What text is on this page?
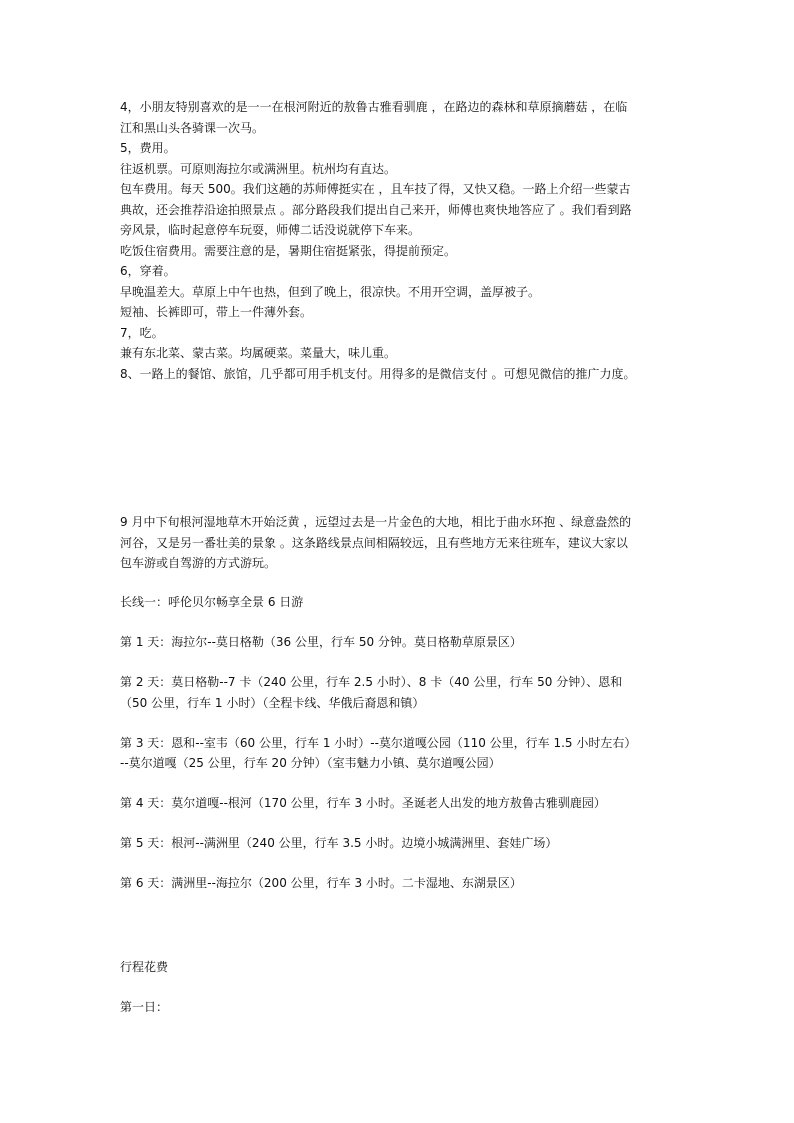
4，小朋友特别喜欢的是一一在根河附近的敖鲁古雅看驯鹿 ，在路边的森林和草原摘蘑菇 ，在临

江和黑山头各骑课一次马。

5，费用。

往返机票。可原则海拉尔或满洲里。杭州均有直达。

包车费用。每天 500。我们这趟的苏师傅挺实在 ，且车技了得，又快又稳。一路上介绍一些蒙古

典故，还会推荐沿途拍照景点 。部分路段我们提出自己来开，师傅也爽快地答应了 。我们看到路

旁风景，临时起意停车玩耍，师傅二话没说就停下车来。

吃饭住宿费用。需要注意的是，暑期住宿挺紧张，得提前预定。

6，穿着。

早晚温差大。草原上中午也热，但到了晚上，很凉快。不用开空调，盖厚被子。

短袖、长裤即可，带上一件薄外套。

7，吃。

兼有东北菜、蒙古菜。均属硬菜。菜量大，味儿重。

8、一路上的餐馆、旅馆，几乎都可用手机支付。用得多的是微信支付 。可想见微信的推广力度。

9 月中下旬根河湿地草木开始泛黄 ，远望过去是一片金色的大地，相比于曲水环抱 、绿意盎然的

河谷，又是另一番壮美的景象 。这条路线景点间相隔较远，且有些地方无来往班车，建议大家以

包车游或自驾游的方式游玩。

长线一：呼伦贝尔畅享全景 6 日游

第 1 天：海拉尔--莫日格勒（36 公里，行车 50 分钟。莫日格勒草原景区）

第 2 天：莫日格勒--7 卡（240 公里，行车 2.5 小时）、8 卡（40 公里，行车 50 分钟）、恩和

（50 公里，行车 1 小时）（全程卡线、华俄后裔恩和镇）

第 3 天：恩和--室韦（60 公里，行车 1 小时）--莫尔道嘎公园（110 公里，行车 1.5 小时左右）

--莫尔道嘎（25 公里，行车 20 分钟）（室韦魅力小镇、莫尔道嘎公园）

第 4 天：莫尔道嘎--根河（170 公里，行车 3 小时。圣诞老人出发的地方敖鲁古雅驯鹿园）

第 5 天：根河--满洲里（240 公里，行车 3.5 小时。边境小城满洲里、套娃广场）

第 6 天：满洲里--海拉尔（200 公里，行车 3 小时。二卡湿地、东湖景区）

行程花费

第一日：
